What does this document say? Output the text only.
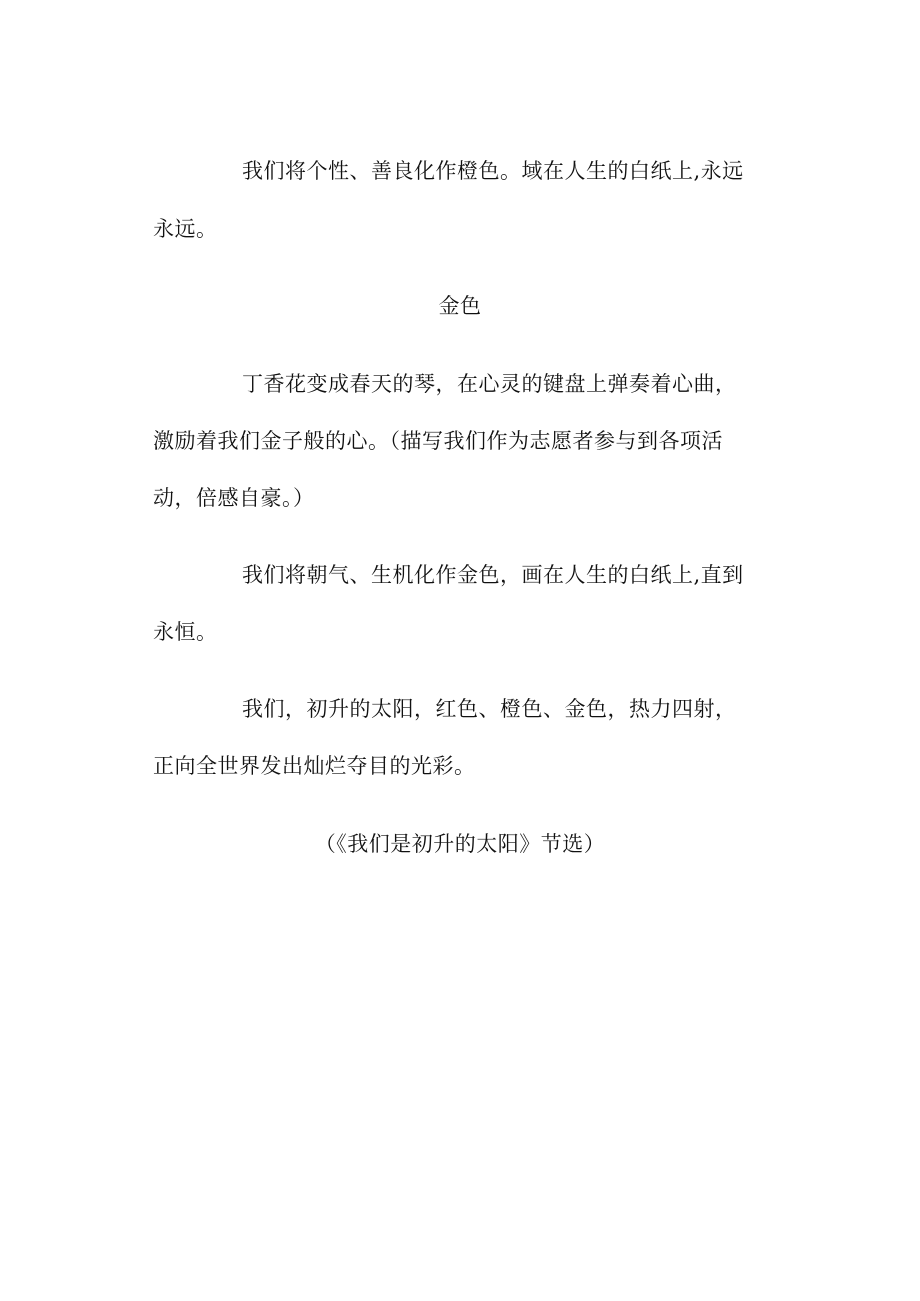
我们将个性、善良化作橙色。域在人生的白纸上,永远
永远。
金色
丁香花变成春天的琴，在心灵的键盘上弹奏着心曲，
激励着我们金子般的心。（描写我们作为志愿者参与到各项活
动，倍感自豪。）
我们将朝气、生机化作金色，画在人生的白纸上,直到
永恒。
我们，初升的太阳，红色、橙色、金色，热力四射，
正向全世界发出灿烂夺目的光彩。
（《我们是初升的太阳》节选）
